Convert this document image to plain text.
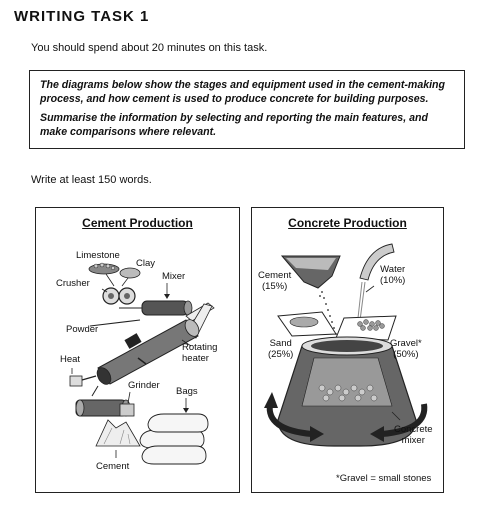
WRITING TASK 1
You should spend about 20 minutes on this task.

The diagrams below show the stages and equipment used in the cement-making process, and how cement is used to produce concrete for building purposes.

Summarise the information by selecting and reporting the main features, and make comparisons where relevant.

Write at least 150 words.
Cement Production
Limestone
Clay
Crusher
Mixer
Powder
Rotating
heater
Heat
Grinder
Bags
Cement
Concrete Production
Cement
(15%)
Water
(10%)
Sand
(25%)
Gravel*
(50%)
Concrete
mixer
*Gravel = small stones
